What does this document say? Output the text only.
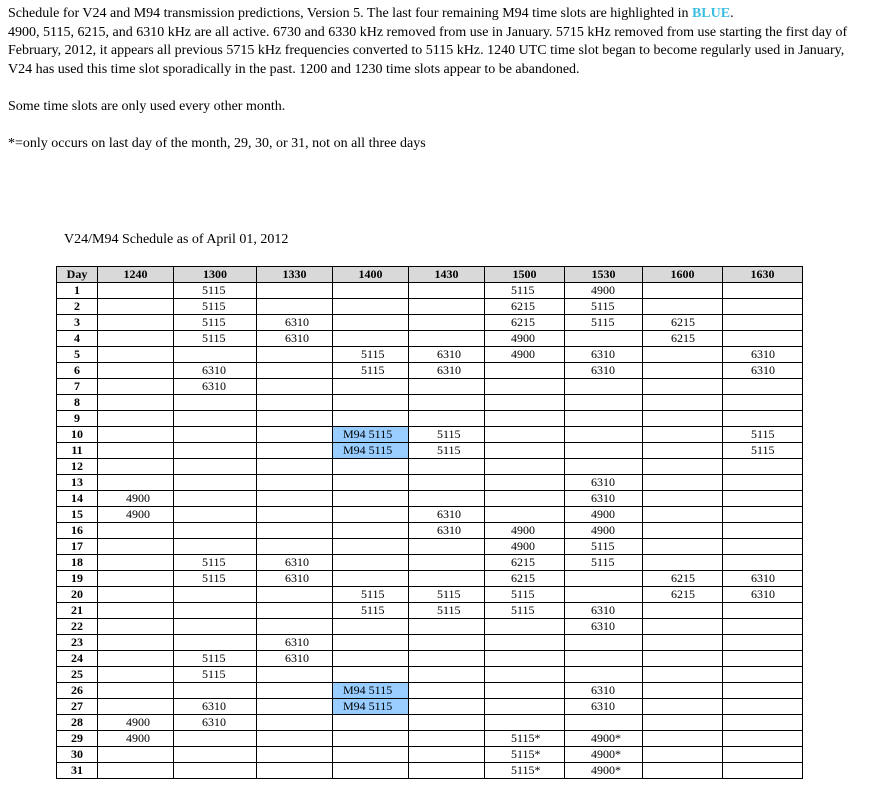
Schedule for V24 and M94 transmission predictions, Version 5. The last four remaining M94 time slots are highlighted in BLUE.
4900, 5115, 6215, and 6310 kHz are all active. 6730 and 6330 kHz removed from use in January. 5715 kHz removed from use starting the first day of February, 2012, it appears all previous 5715 kHz frequencies converted to 5115 kHz. 1240 UTC time slot began to become regularly used in January, V24 has used this time slot sporadically in the past. 1200 and 1230 time slots appear to be abandoned.

Some time slots are only used every other month.

*=only occurs on last day of the month, 29, 30, or 31, not on all three days

V24/M94 Schedule as of April 01, 2012
Day	1240	1300	1330	1400	1430	1500	1530	1600	1630
1		5115				5115	4900		
2		5115				6215	5115		
3		5115	6310			6215	5115	6215	
4		5115	6310			4900		6215	
5				5115	6310	4900	6310		6310
6		6310		5115	6310		6310		6310
7		6310							
8									
9									
10				M94 5115	5115				5115
11				M94 5115	5115				5115
12									
13							6310		
14	4900						6310		
15	4900				6310		4900		
16					6310	4900	4900		
17						4900	5115		
18		5115	6310			6215	5115		
19		5115	6310			6215		6215	6310
20				5115	5115	5115		6215	6310
21				5115	5115	5115	6310		
22							6310		
23			6310						
24		5115	6310						
25		5115							
26				M94 5115			6310		
27		6310		M94 5115			6310		
28	4900	6310							
29	4900					5115*	4900*		
30						5115*	4900*		
31						5115*	4900*		
